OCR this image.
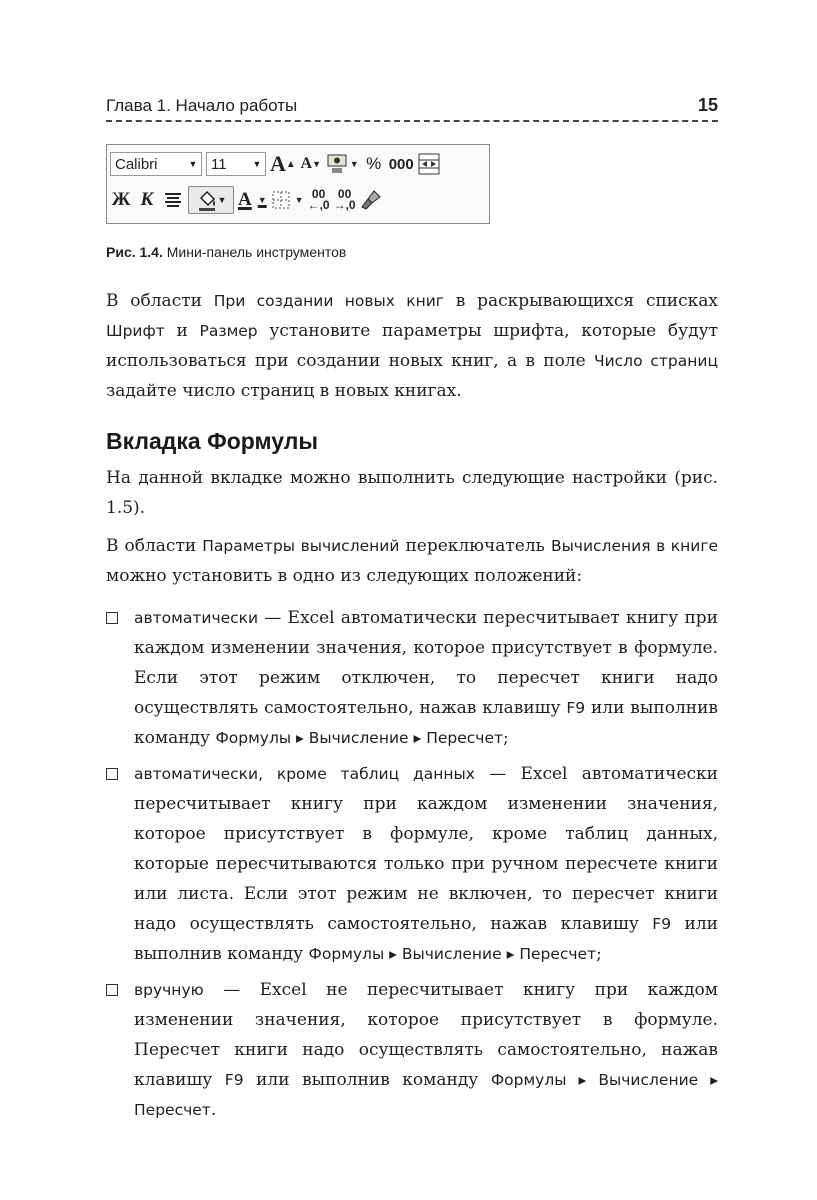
Глава 1. Начало работы	15
Calibri	▼ 11	▼ A ▲ A ▼	▼ % 000
Ж К	▼ A ▼	▼ 00
←,0
00
→,0
Рис. 1.4. Мини-панель инструментов

В области При создании новых книг в раскрывающихся списках Шрифт и Размер установите параметры шрифта, которые будут использоваться при создании новых книг, а в поле Число страниц задайте число страниц в новых книгах.

Вкладка Формулы

На данной вкладке можно выполнить следующие настройки (рис. 1.5).

В области Параметры вычислений переключатель Вычисления в книге можно установить в одно из следующих положений:

автоматически — Excel автоматически пересчитывает книгу при каждом изменении значения, которое присутствует в формуле. Если этот режим отключен, то пересчет книги надо осуществлять самостоятельно, нажав клавишу F9 или выполнив команду Формулы ▸ Вычисление ▸ Пересчет;

автоматически, кроме таблиц данных — Excel автоматически пересчитывает книгу при каждом изменении значения, которое присутствует в формуле, кроме таблиц данных, которые пересчитываются только при ручном пересчете книги или листа. Если этот режим не включен, то пересчет книги надо осуществлять самостоятельно, нажав клавишу F9 или выполнив команду Формулы ▸ Вычисление ▸ Пересчет;

вручную — Excel не пересчитывает книгу при каждом изменении значения, которое присутствует в формуле. Пересчет книги надо осуществлять самостоятельно, нажав клавишу F9 или выполнив команду Формулы ▸ Вычисление ▸ Пересчет.
